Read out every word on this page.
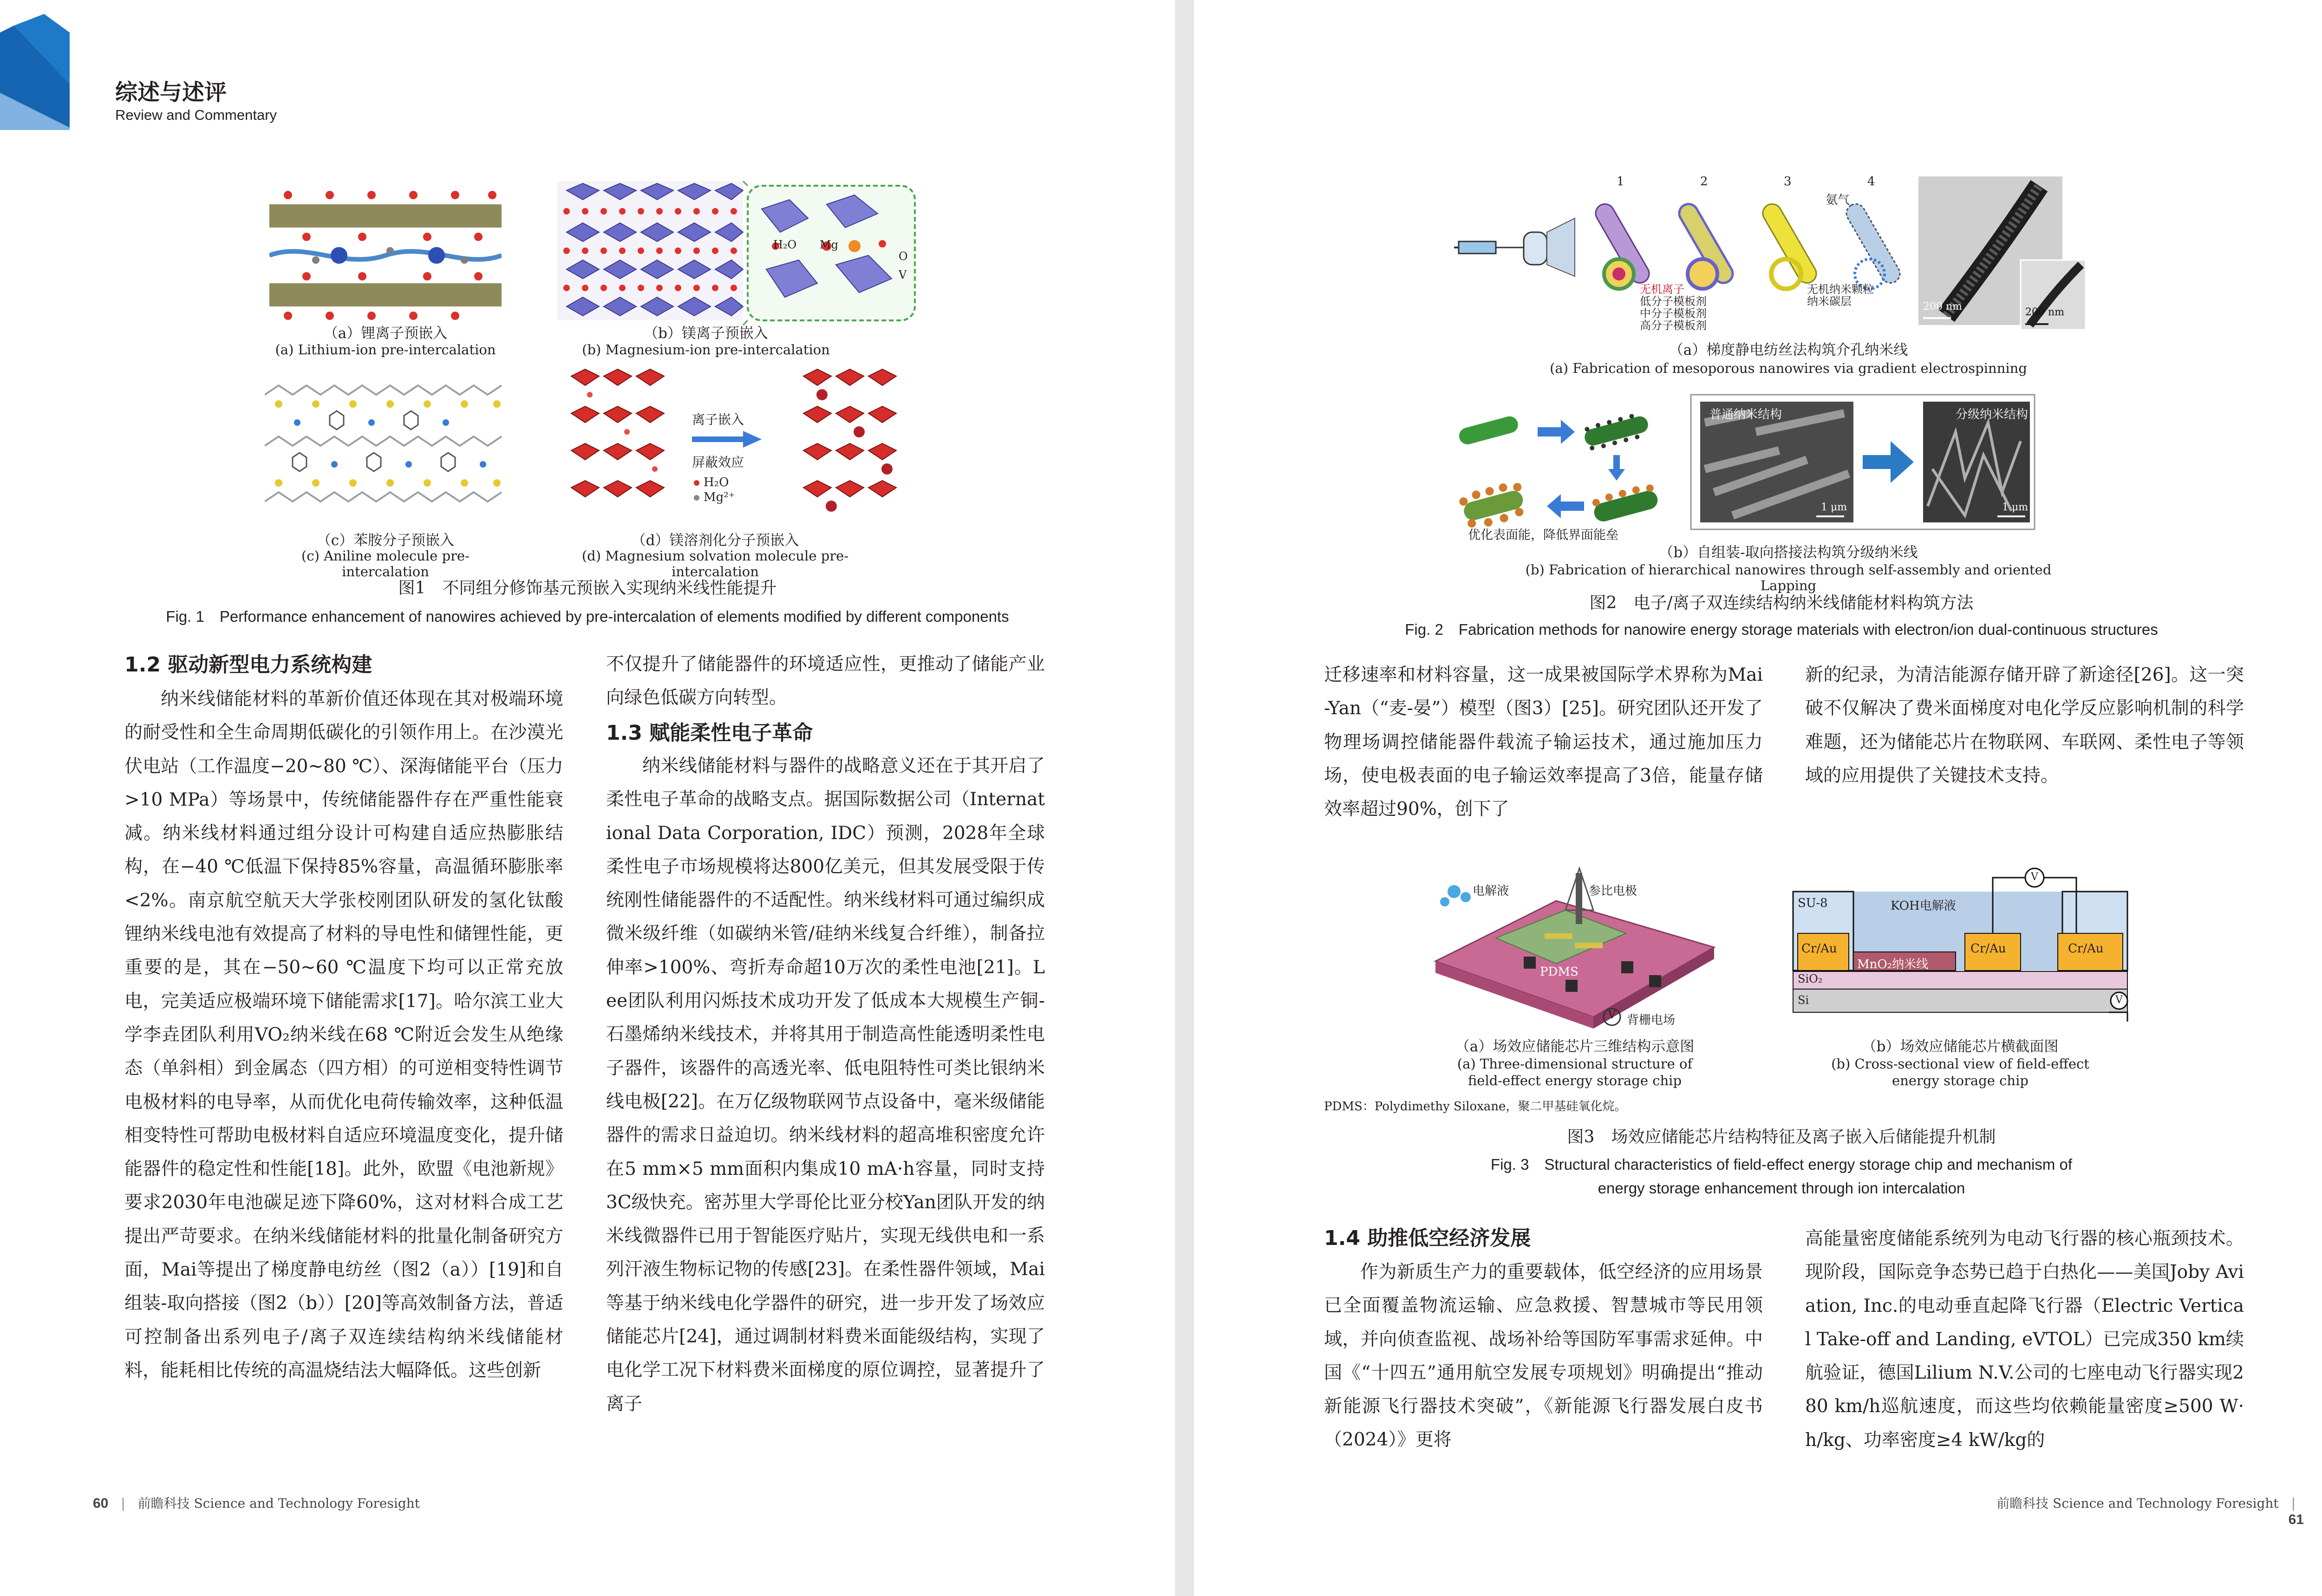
综述与述评
Review and Commentary
（a）锂离子预嵌入
(a) Lithium-ion pre-intercalation
H₂O Mg
O
V
（b）镁离子预嵌入
(b) Magnesium-ion pre-intercalation
（c）苯胺分子预嵌入
(c) Aniline molecule pre-intercalation
离子嵌入
屏蔽效应
H₂O
Mg²⁺
（d）镁溶剂化分子预嵌入
(d) Magnesium solvation molecule pre-intercalation
图1　不同组分修饰基元预嵌入实现纳米线性能提升
Fig. 1　Performance enhancement of nanowires achieved by pre-intercalation of elements modified by different components
1.2 驱动新型电力系统构建

纳米线储能材料的革新价值还体现在其对极端环境的耐受性和全生命周期低碳化的引领作用上。在沙漠光伏电站（工作温度−20~80 ℃）、深海储能平台（压力>10 MPa）等场景中，传统储能器件存在严重性能衰减。纳米线材料通过组分设计可构建自适应热膨胀结构，在−40 ℃低温下保持85%容量，高温循环膨胀率<2%。南京航空航天大学张校刚团队研发的氢化钛酸锂纳米线电池有效提高了材料的导电性和储锂性能，更重要的是，其在−50~60 ℃温度下均可以正常充放电，完美适应极端环境下储能需求[17]。哈尔滨工业大学李垚团队利用VO₂纳米线在68 ℃附近会发生从绝缘态（单斜相）到金属态（四方相）的可逆相变特性调节电极材料的电导率，从而优化电荷传输效率，这种低温相变特性可帮助电极材料自适应环境温度变化，提升储能器件的稳定性和性能[18]。此外，欧盟《电池新规》要求2030年电池碳足迹下降60%，这对材料合成工艺提出严苛要求。在纳米线储能材料的批量化制备研究方面，Mai等提出了梯度静电纺丝（图2（a））[19]和自组装-取向搭接（图2（b））[20]等高效制备方法，普适可控制备出系列电子/离子双连续结构纳米线储能材料，能耗相比传统的高温烧结法大幅降低。这些创新

不仅提升了储能器件的环境适应性，更推动了储能产业向绿色低碳方向转型。

1.3 赋能柔性电子革命

纳米线储能材料与器件的战略意义还在于其开启了柔性电子革命的战略支点。据国际数据公司（International Data Corporation, IDC）预测，2028年全球柔性电子市场规模将达800亿美元，但其发展受限于传统刚性储能器件的不适配性。纳米线材料可通过编织成微米级纤维（如碳纳米管/硅纳米线复合纤维），制备拉伸率>100%、弯折寿命超10万次的柔性电池[21]。Lee团队利用闪烁技术成功开发了低成本大规模生产铜-石墨烯纳米线技术，并将其用于制造高性能透明柔性电子器件，该器件的高透光率、低电阻特性可类比银纳米线电极[22]。在万亿级物联网节点设备中，毫米级储能器件的需求日益迫切。纳米线材料的超高堆积密度允许在5 mm×5 mm面积内集成10 mA·h容量，同时支持3C级快充。密苏里大学哥伦比亚分校Yan团队开发的纳米线微器件已用于智能医疗贴片，实现无线供电和一系列汗液生物标记物的传感[23]。在柔性器件领域，Mai等基于纳米线电化学器件的研究，进一步开发了场效应储能芯片[24]，通过调制材料费米面能级结构，实现了电化学工况下材料费米面梯度的原位调控，显著提升了离子

60 | 前瞻科技 Science and Technology Foresight
1	2	3	4
氨气
无机离子
低分子模板剂
中分子模板剂
高分子模板剂
无机纳米颗粒
纳米碳层	200 nm	200 nm
（a）梯度静电纺丝法构筑介孔纳米线
(a) Fabrication of mesoporous nanowires via gradient electrospinning
普通纳米结构	分级纳米结构
1 μm	1 μm
优化表面能，降低界面能垒
（b）自组装-取向搭接法构筑分级纳米线
(b) Fabrication of hierarchical nanowires through self-assembly and oriented Lapping
图2　电子/离子双连续结构纳米线储能材料构筑方法
Fig. 2　Fabrication methods for nanowire energy storage materials with electron/ion dual-continuous structures

迁移速率和材料容量，这一成果被国际学术界称为Mai-Yan（“麦-晏”）模型（图3）[25]。研究团队还开发了物理场调控储能器件载流子输运技术，通过施加压力场，使电极表面的电子输运效率提高了3倍，能量存储效率超过90%，创下了

新的纪录，为清洁能源存储开辟了新途径[26]。这一突破不仅解决了费米面梯度对电化学反应影响机制的科学难题，还为储能芯片在物联网、车联网、柔性电子等领域的应用提供了关键技术支持。

电解液	参比电极
PDMS
V 背栅电场
（a）场效应储能芯片三维结构示意图
(a) Three-dimensional structure of
field-effect energy storage chip
SU-8	KOH电解液
Cr/Au
MnO₂纳米线
Cr/Au	Cr/Au
SiO₂
Si
V
V
（b）场效应储能芯片横截面图
(b) Cross-sectional view of field-effect
energy storage chip
PDMS：Polydimethy Siloxane，聚二甲基硅氧化烷。
图3　场效应储能芯片结构特征及离子嵌入后储能提升机制
Fig. 3　Structural characteristics of field-effect energy storage chip and mechanism of
energy storage enhancement through ion intercalation
1.4 助推低空经济发展

作为新质生产力的重要载体，低空经济的应用场景已全面覆盖物流运输、应急救援、智慧城市等民用领域，并向侦查监视、战场补给等国防军事需求延伸。中国《“十四五”通用航空发展专项规划》明确提出“推动新能源飞行器技术突破”，《新能源飞行器发展白皮书（2024）》更将

高能量密度储能系统列为电动飞行器的核心瓶颈技术。现阶段，国际竞争态势已趋于白热化——美国Joby Aviation, Inc.的电动垂直起降飞行器（Electric Vertical Take-off and Landing, eVTOL）已完成350 km续航验证，德国Lilium N.V.公司的七座电动飞行器实现280 km/h巡航速度，而这些均依赖能量密度≥500 W·h/kg、功率密度≥4 kW/kg的

前瞻科技 Science and Technology Foresight | 61
